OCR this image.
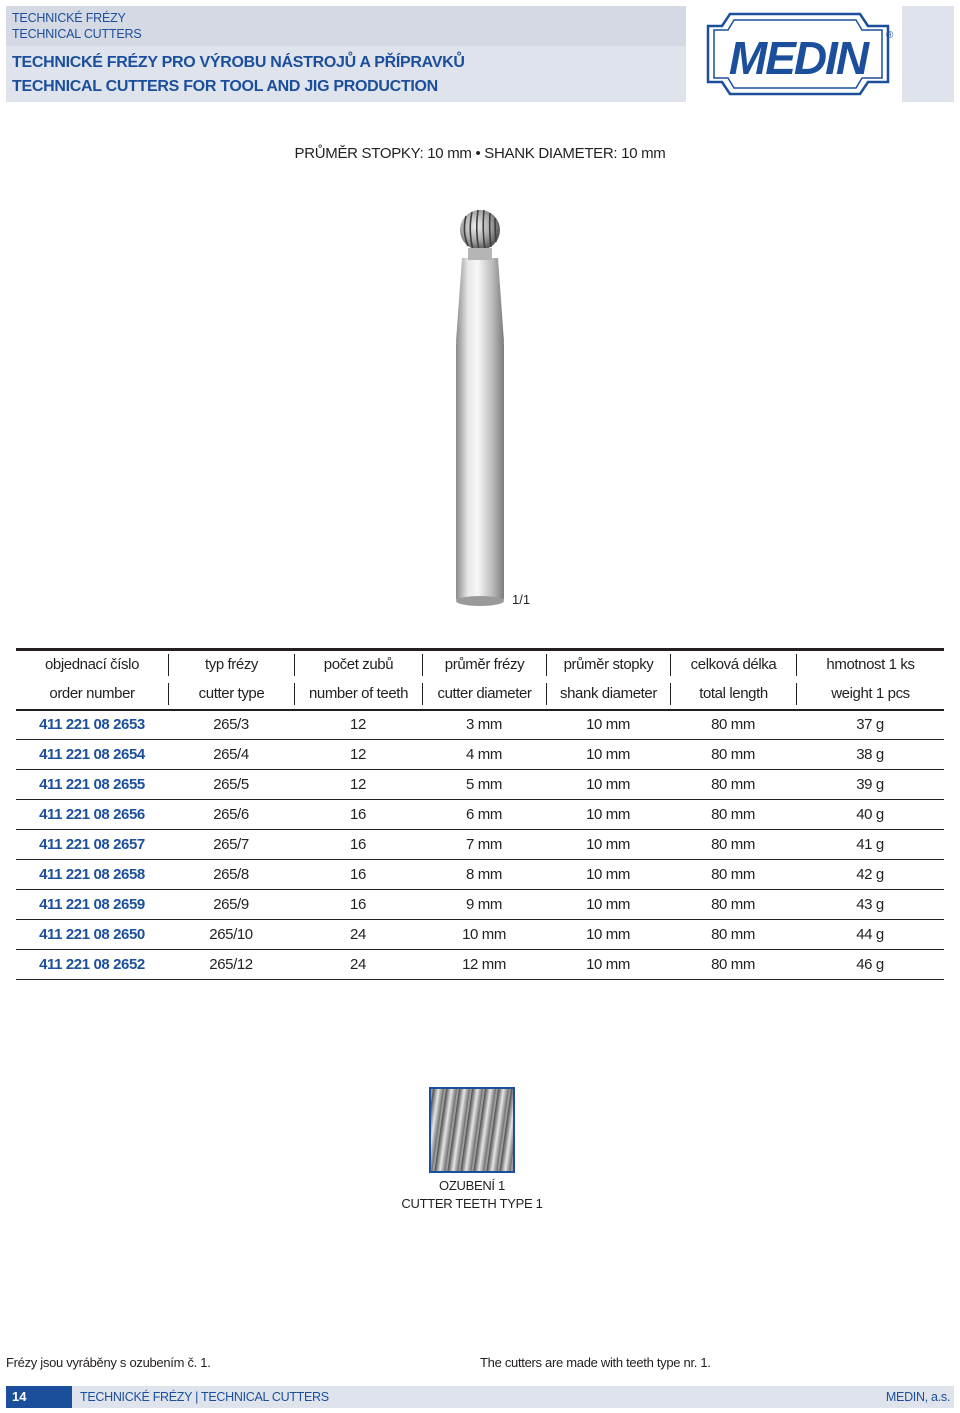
TECHNICKÉ FRÉZY
TECHNICAL CUTTERS
TECHNICKÉ FRÉZY PRO VÝROBU NÁSTROJŮ A PŘÍPRAVKŮ
TECHNICAL CUTTERS FOR TOOL AND JIG PRODUCTION
MEDIN ®
PRŮMĚR STOPKY: 10 mm • SHANK DIAMETER: 10 mm
1/1
objednací číslo	typ frézy	počet zubů	průměr frézy	průměr stopky	celková délka	hmotnost 1 ks

order number	cutter type	number of teeth	cutter diameter	shank diameter	total length	weight 1 pcs

411 221 08 2653	265/3	12	3 mm	10 mm	80 mm	37 g
411 221 08 2654	265/4	12	4 mm	10 mm	80 mm	38 g
411 221 08 2655	265/5	12	5 mm	10 mm	80 mm	39 g
411 221 08 2656	265/6	16	6 mm	10 mm	80 mm	40 g
411 221 08 2657	265/7	16	7 mm	10 mm	80 mm	41 g
411 221 08 2658	265/8	16	8 mm	10 mm	80 mm	42 g
411 221 08 2659	265/9	16	9 mm	10 mm	80 mm	43 g
411 221 08 2650	265/10	24	10 mm	10 mm	80 mm	44 g
411 221 08 2652	265/12	24	12 mm	10 mm	80 mm	46 g
OZUBENÍ 1
CUTTER TEETH TYPE 1
Frézy jsou vyráběny s ozubením č. 1.	The cutters are made with teeth type nr. 1.
14	TECHNICKÉ FRÉZY | TECHNICAL CUTTERS	MEDIN, a.s.
